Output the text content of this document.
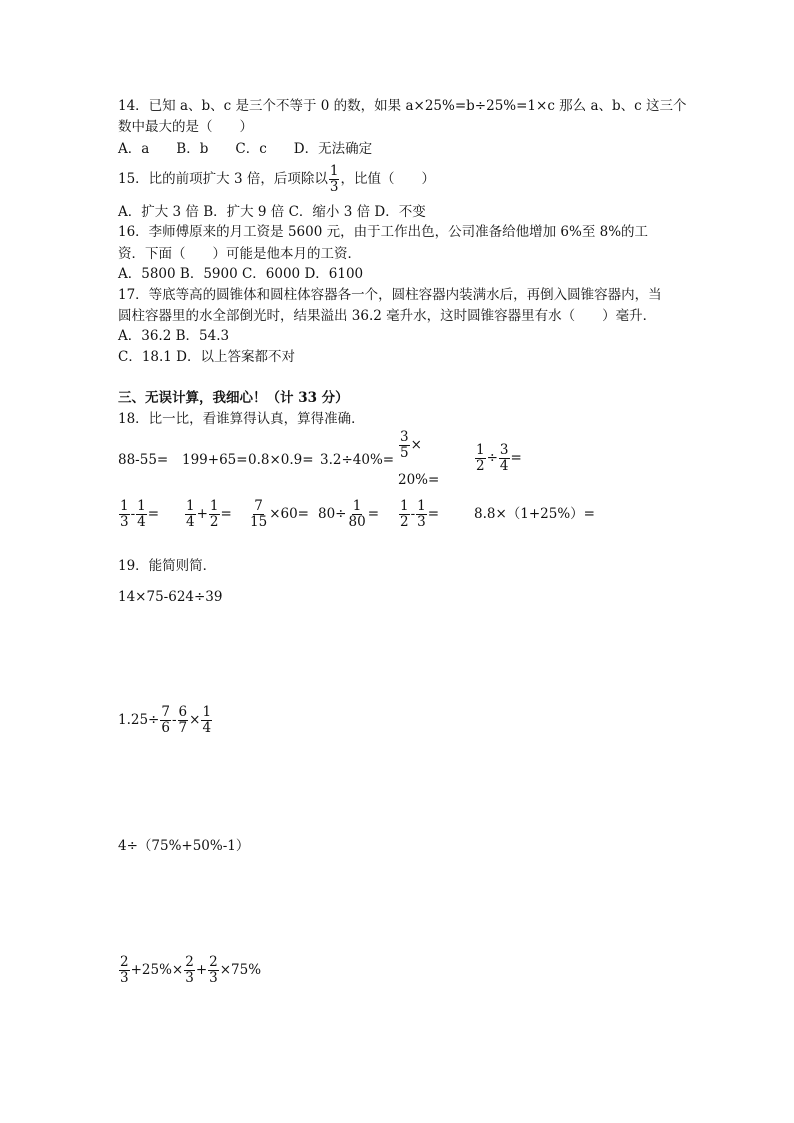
14．已知 a、b、c 是三个不等于 0 的数，如果 a×25%=b÷25%=1×c 那么 a、b、c 这三个
数中最大的是（　　）
A．a　　B．b　　C．c　　D．无法确定
15．比的前项扩大 3 倍，后项除以 $\frac{1}{3}$ ，比值（　　）
A．扩大 3 倍 B．扩大 9 倍 C．缩小 3 倍 D．不变
16．李师傅原来的月工资是 5600 元，由于工作出色，公司准备给他增加 6%至 8%的工
资．下面（　　）可能是他本月的工资．
A．5800 B．5900 C．6000 D．6100
17．等底等高的圆锥体和圆柱体容器各一个，圆柱容器内装满水后，再倒入圆锥容器内，当
圆柱容器里的水全部倒光时，结果溢出 36.2 毫升水，这时圆锥容器里有水（　　）毫升．
A．36.2 B．54.3
C．18.1 D．以上答案都不对
三、无误计算，我细心！（计 33 分）
18．比一比，看谁算得认真，算得准确．
$88-55= 199+65= 0.8\times 0.9= 3.2\div 40\%= \frac{3}{5}$ ×
20%=
$\frac{1}{2} \div \frac{3}{4}$ =
$\frac{1}{3} - \frac{1}{4} = \frac{1}{4} + \frac{1}{2} = \frac{7}{15} \times 60= 80\div \frac{1}{80} = \frac{1}{2} - \frac{1}{3}$ =	8.8×（1+25%）=
19．能简则简．
14×75-624÷39
$1.25\div \frac{7}{6} - \frac{6}{7} \times \frac{1}{4}$
4÷（75%+50%-1）
$\frac{2}{3} +25\%\times \frac{2}{3} + \frac{2}{3} \times 75\%$
